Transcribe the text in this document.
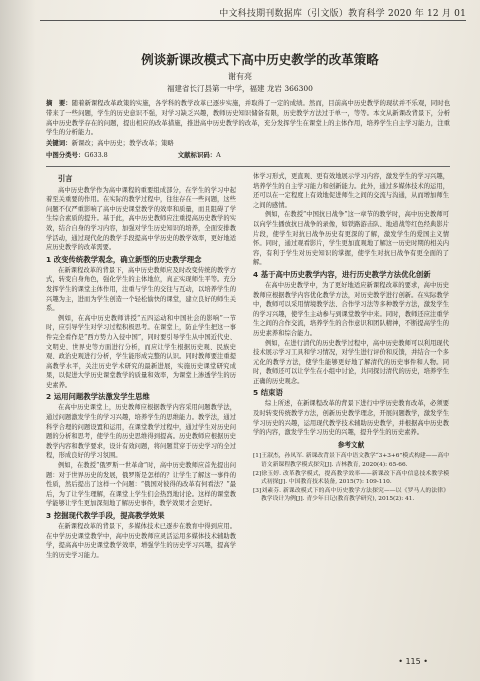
中文科技期刊数据库（引文版）教育科学 2020 年 12 月 01
例谈新课改模式下高中历史教学的改革策略
谢有亮
福建省长汀县第一中学，福建 龙岩 366300
摘　要：随着新课程改革政策的实施，各学科的教学改革已逐步实施，并取得了一定的成绩。然而，目前高中历史教学的现状并不乐观，同时也带来了一些问题，学生的历史意识不强，对学习缺乏兴趣，教师历史知识储备有限，历史教学方法过于单一，等等。本文从新课改背景下，分析高中历史教学存在的问题，提出相应的改革措施，推进高中历史教学的改革，充分发挥学生在课堂上的主体作用，培养学生自主学习能力，注重学生的分析能力。
关键词：新课改；高中历史；教学改革；策略
中图分类号：G633.8	文献标识码：A
引言

高中历史教学作为高中课程的重要组成部分，在学生的学习中起着至关重要的作用。在实际的教学过程中，往往存在一些问题，这些问题不仅严重影响了高中历史课堂教学的效率和质量，而且阻碍了学生综合素质的提升。基于此，高中历史教师应注重提高历史教学的实效，结合自身的学习内容，加强对学生历史知识的培养，全面安排教学活动，通过现代化的教学手段提高中学历史的教学效率，更好地适应历史教学的改革需要。

1 改变传统教学观念，确立新型的历史教学理念

在新课程改革的背景下，高中历史教师应及时改变传统的教学方式，转变自身角色，强化学生的主体地位，真正实现师生平等。充分发挥学生的课堂主体作用，注重与学生的交往与互动，以培养学生的兴趣为主，进而为学生创造一个轻松愉快的课堂，建立良好的师生关系。

例如，在高中历史教师讲授“五四运动和中国社会的影响”一节时，应引导学生对学习过程积极思考。在课堂上，防止学生把这一事件完全看作是“西方势力入侵中国”，同时要引导学生从中国近代史、文明史、世界史等方面进行分析，而应让学生根据历史观、民族史观、政治史观进行分析，学生能形成完整的认识。同时教师要注重提高教学水平，关注历史学术研究的最新进展，实施历史课堂研究成果，以促进大学历史课堂教学的质量和效率，为课堂上渗透学生的历史素养。

2 运用问题教学法激发学生思维

在高中历史课堂上，历史教师应根据教学内容采用问题教学法，通过问题激发学生的学习兴趣，培养学生的思维能力。教学法，通过科学合理的问题设置和运用，在课堂教学过程中，通过学生对历史问题的分析和思考，使学生的历史思维得到提高。历史教师应根据历史教学内容和教学要求，设计有效问题，将问题贯穿于历史学习的全过程，形成良好的学习氛围。

例如，在教授“俄罗斯一世革命”时，高中历史教师应首先提出问题：对于世界历史的发展，俄罗斯是怎样的？让学生了解这一事件的性质，然后提出了这样一个问题：“俄国对彼得的改革有何看法？”最后，为了让学生理解，在课堂上学生们会热烈地讨论。这样的课堂教学能够让学生更加深刻地了解历史事件，教学效果才会更好。

3 挖掘现代教学手段，提高教学效果

在新课程改革的背景下，多媒体技术已逐步在教育中得到应用。在中学历史课堂教学中，高中历史教师应灵活运用多媒体技术辅助教学，提高高中历史课堂教学效率，增强学生的历史学习兴趣，提高学生的历史学习能力。

体学习形式，更直观、更有效地展示学习内容，激发学生的学习兴趣，培养学生的自主学习能力和创新能力。此外，通过多媒体技术的运用，还可以在一定程度上有效地促进师生之间的交流与沟通，从而增加师生之间的感情。

例如，在教授“中国抗日战争”这一章节的教学时，高中历史教师可以向学生播放抗日战争的录像，如铁路游击队、地道战等红色经典影片片段，使学生对抗日战争历史有更深的了解，激发学生的爱国主义情怀。同时，通过观看影片，学生更加直观地了解这一历史时期的相关内容，有利于学生对历史知识的掌握，使学生对抗日战争有更全面的了解。

4 基于高中历史教学内容，进行历史教学方法优化创新

在高中历史教学中，为了更好地适应新课程改革的要求，高中历史教师应根据教学内容优化教学方法，对历史教学进行创新。在实际教学中，教师可以采用情境教学法、合作学习法等多种教学方法，激发学生的学习兴趣，使学生主动参与到课堂教学中来。同时，教师还应注重学生之间的合作交流，培养学生的合作意识和团队精神，不断提高学生的历史素养和综合能力。

例如，在进行清代的历史教学过程中，高中历史教师可以利用现代技术展示学习工具和学习情况，对学生进行评价和反馈，并结合一个多元化的教学方法，使学生能够更好地了解清代的历史事件和人物。同时，教师还可以让学生在小组中讨论，共同探讨清代的历史，培养学生正确的历史观念。

5 结束语

综上所述，在新课程改革的背景下进行中学历史教育改革，必须要及时转变传统教学方法，创新历史教学理念，开展问题教学，激发学生学习历史的兴趣，运用现代教学技术辅助历史教学，并根据高中历史教学的内容，激发学生学习历史的兴趣，提升学生的历史素养。

参考文献
[1]王淑杰，孙凤军. 新课改背景下高中语文教学“3+3+6”模式构建——高中语文新课程教学模式探究[J]. 吉林教育, 2020(4): 65-66.
[2]徐玉婷. 改革教学模式，提高教学效率——新课改下高中信息技术教学模式初探[J]. 中国教育技术装备, 2015(7): 109-110.
[3]刘素芬. 新课改模式下的高中历史教学方法探究——以《罗马人的法律》教学设计为例[J]. 青少年日记(教育教学研究), 2015(2): 41.
• 115 •
